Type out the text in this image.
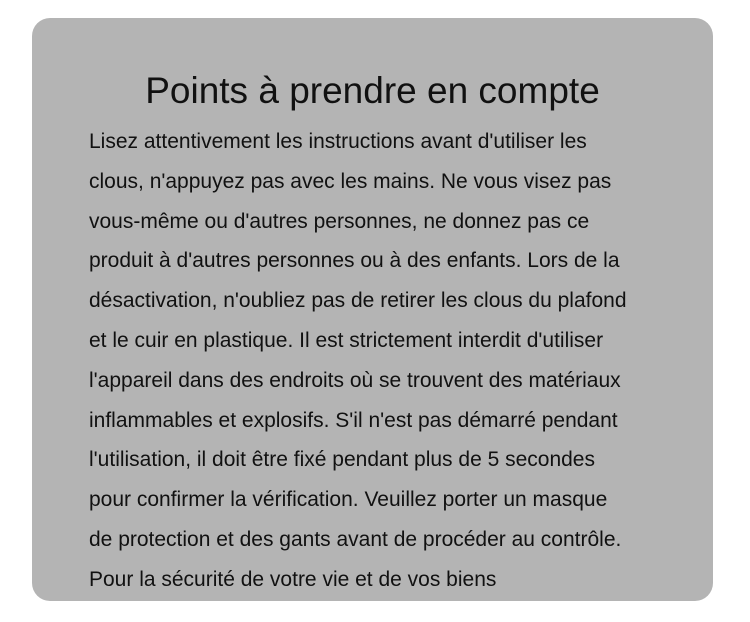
Points à prendre en compte
Lisez attentivement les instructions avant d'utiliser les
clous, n'appuyez pas avec les mains. Ne vous visez pas
vous-même ou d'autres personnes, ne donnez pas ce
produit à d'autres personnes ou à des enfants. Lors de la
désactivation, n'oubliez pas de retirer les clous du plafond
et le cuir en plastique. Il est strictement interdit d'utiliser
l'appareil dans des endroits où se trouvent des matériaux
inflammables et explosifs. S'il n'est pas démarré pendant
l'utilisation, il doit être fixé pendant plus de 5 secondes
pour confirmer la vérification. Veuillez porter un masque
de protection et des gants avant de procéder au contrôle.
Pour la sécurité de votre vie et de vos biens
